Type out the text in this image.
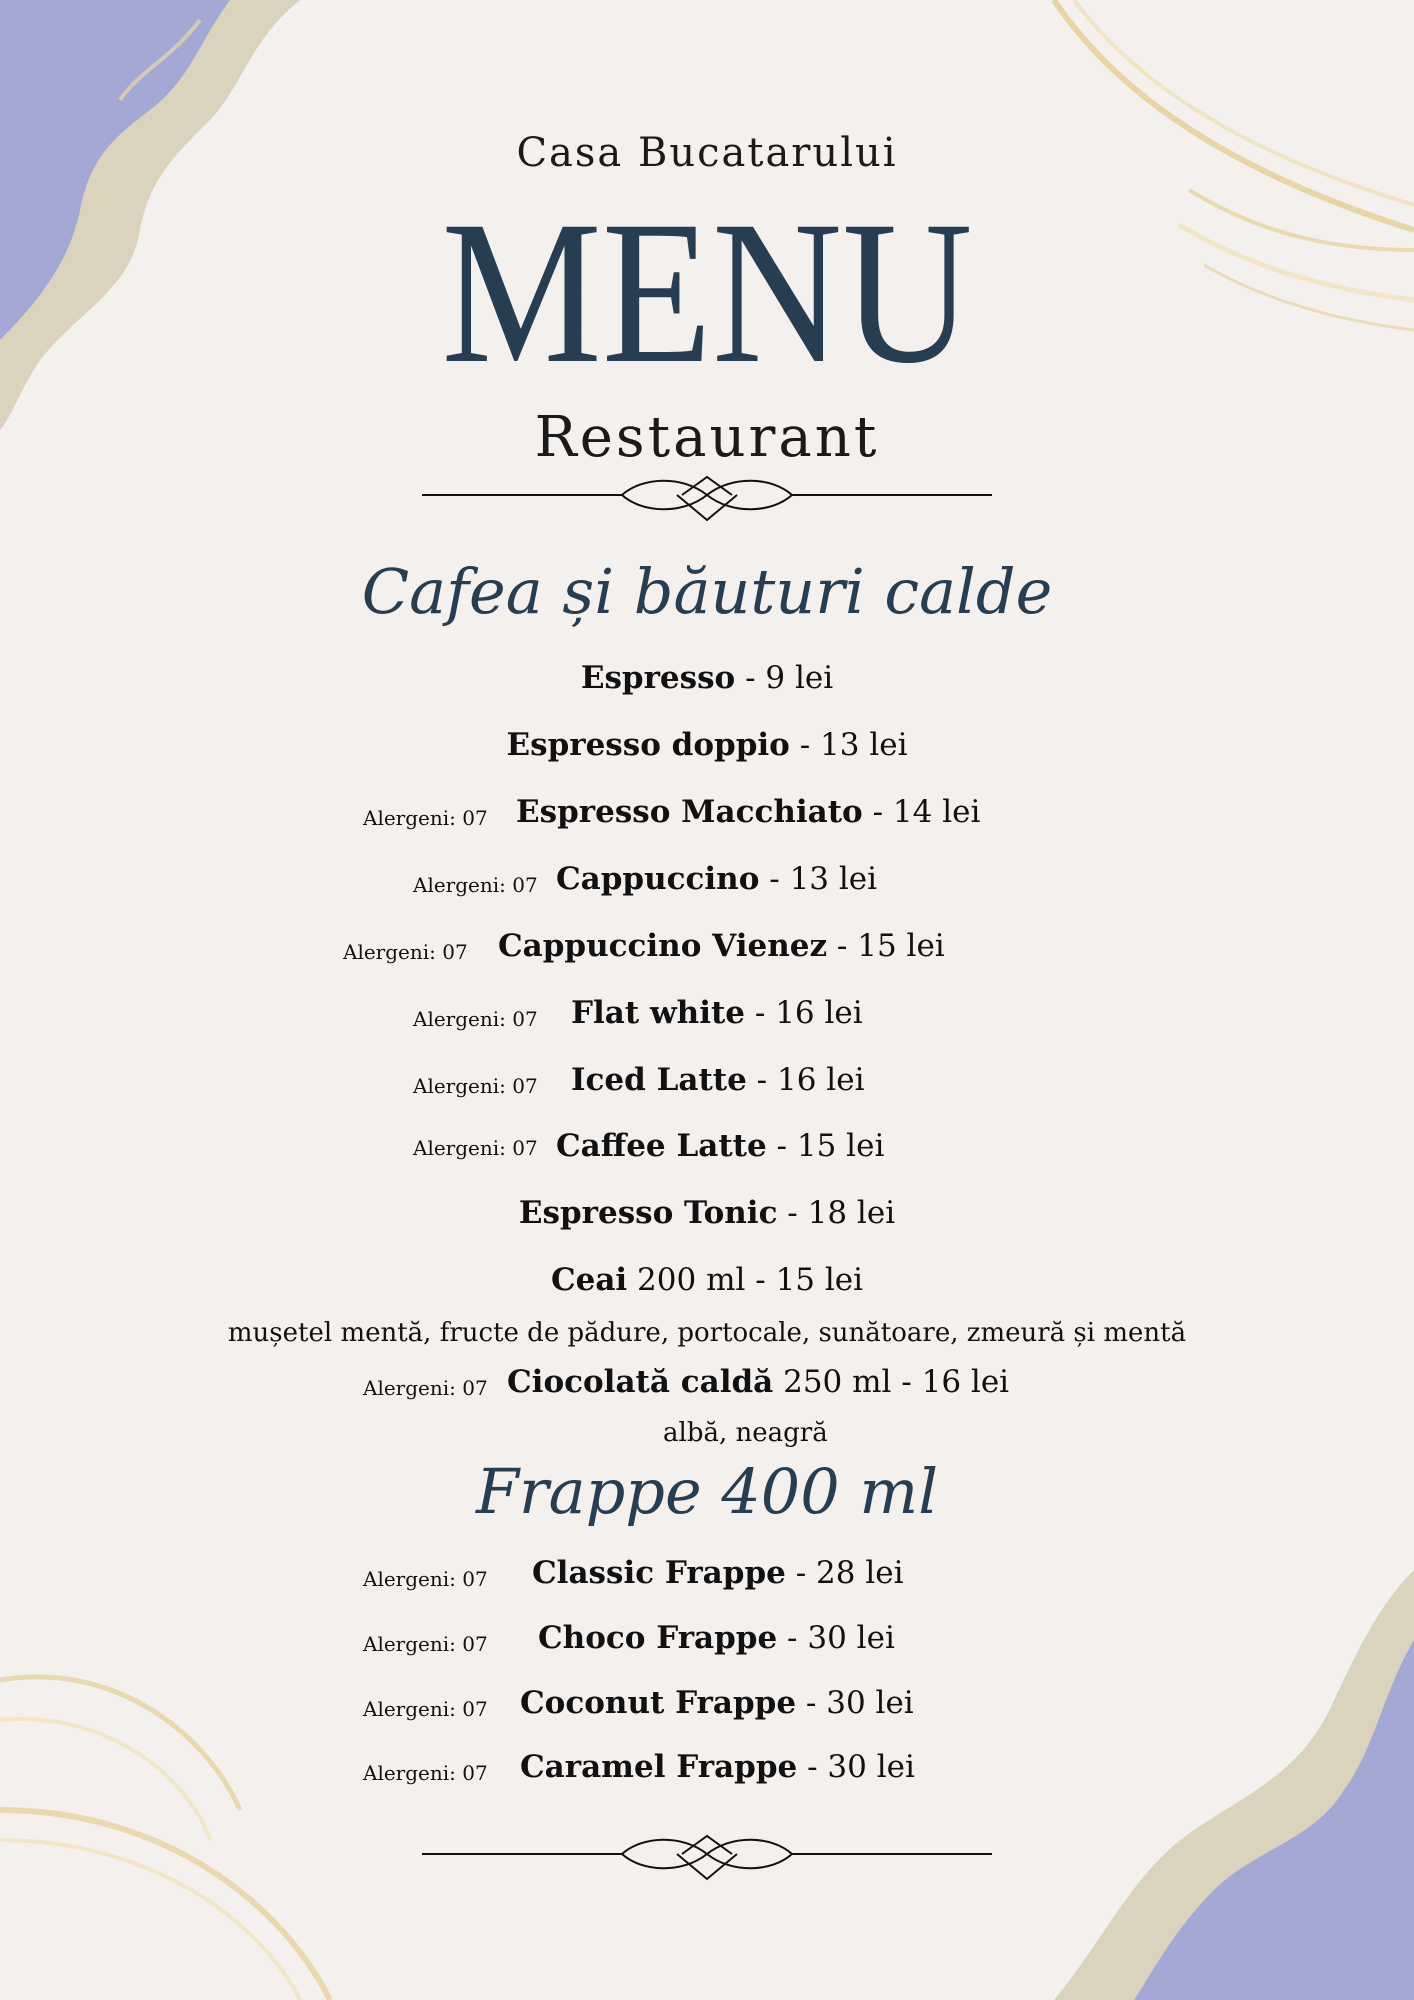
Casa Bucatarului
MENU
Restaurant
Cafea și băuturi calde
Espresso - 9 lei
Espresso doppio - 13 lei
Alergeni: 07 Espresso Macchiato - 14 lei
Alergeni: 07 Cappuccino - 13 lei
Alergeni: 07 Cappuccino Vienez - 15 lei
Alergeni: 07 Flat white - 16 lei
Alergeni: 07 Iced Latte - 16 lei
Alergeni: 07 Caffee Latte - 15 lei
Espresso Tonic - 18 lei
Ceai 200 ml - 15 lei
mușetel mentă, fructe de pădure, portocale, sunătoare, zmeură și mentă
Alergeni: 07 Ciocolată caldă 250 ml - 16 lei
albă, neagră
Frappe 400 ml
Alergeni: 07 Classic Frappe - 28 lei
Alergeni: 07 Choco Frappe - 30 lei
Alergeni: 07 Coconut Frappe - 30 lei
Alergeni: 07 Caramel Frappe - 30 lei
